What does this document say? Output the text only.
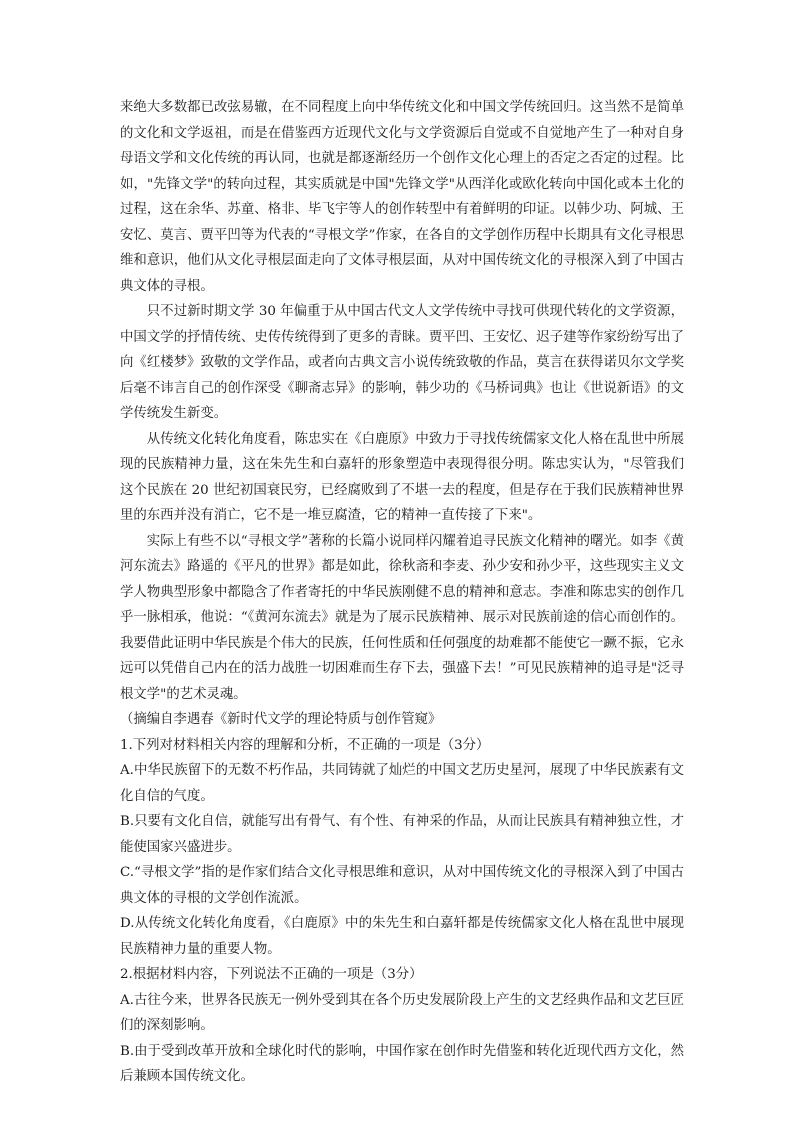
来绝大多数都已改弦易辙，在不同程度上向中华传统文化和中国文学传统回归。这当然不是简单的文化和文学返祖，而是在借鉴西方近现代文化与文学资源后自觉或不自觉地产生了一种对自身母语文学和文化传统的再认同，也就是都逐渐经历一个创作文化心理上的否定之否定的过程。比如，"先锋文学"的转向过程，其实质就是中国"先锋文学"从西洋化或欧化转向中国化或本土化的过程，这在余华、苏童、格非、毕飞宇等人的创作转型中有着鲜明的印证。以韩少功、阿城、王安忆、莫言、贾平凹等为代表的“寻根文学”作家，在各自的文学创作历程中长期具有文化寻根思维和意识，他们从文化寻根层面走向了文体寻根层面，从对中国传统文化的寻根深入到了中国古典文体的寻根。

只不过新时期文学 30 年偏重于从中国古代文人文学传统中寻找可供现代转化的文学资源，中国文学的抒情传统、史传传统得到了更多的青睐。贾平凹、王安忆、迟子建等作家纷纷写出了向《红楼梦》致敬的文学作品，或者向古典文言小说传统致敬的作品，莫言在获得诺贝尔文学奖后毫不讳言自己的创作深受《聊斋志异》的影响，韩少功的《马桥词典》也让《世说新语》的文学传统发生新变。

从传统文化转化角度看，陈忠实在《白鹿原》中致力于寻找传统儒家文化人格在乱世中所展现的民族精神力量，这在朱先生和白嘉轩的形象塑造中表现得很分明。陈忠实认为，"尽管我们这个民族在 20 世纪初国衰民穷，已经腐败到了不堪一去的程度，但是存在于我们民族精神世界里的东西并没有消亡，它不是一堆豆腐渣，它的精神一直传接了下来"。

实际上有些不以“寻根文学”著称的长篇小说同样闪耀着追寻民族文化精神的曙光。如李《黄河东流去》路遥的《平凡的世界》都是如此，徐秋斋和李麦、孙少安和孙少平，这些现实主义文学人物典型形象中都隐含了作者寄托的中华民族刚健不息的精神和意志。李准和陈忠实的创作几乎一脉相承，他说：“《黄河东流去》就是为了展示民族精神、展示对民族前途的信心而创作的。我要借此证明中华民族是个伟大的民族，任何性质和任何强度的劫难都不能使它一蹶不振，它永远可以凭借自己内在的活力战胜一切困难而生存下去，强盛下去！”可见民族精神的追寻是"泛寻根文学"的艺术灵魂。

（摘编自李遇春《新时代文学的理论特质与创作管窥》

1.下列对材料相关内容的理解和分析，不正确的一项是（3分）

A.中华民族留下的无数不朽作品，共同铸就了灿烂的中国文艺历史星河，展现了中华民族素有文化自信的气度。

B.只要有文化自信，就能写出有骨气、有个性、有神采的作品，从而让民族具有精神独立性，才能使国家兴盛进步。

C.“寻根文学”指的是作家们结合文化寻根思维和意识，从对中国传统文化的寻根深入到了中国古典文体的寻根的文学创作流派。

D.从传统文化转化角度看，《白鹿原》中的朱先生和白嘉轩都是传统儒家文化人格在乱世中展现民族精神力量的重要人物。

2.根据材料内容，下列说法不正确的一项是（3分）

A.古往今来，世界各民族无一例外受到其在各个历史发展阶段上产生的文艺经典作品和文艺巨匠们的深刻影响。

B.由于受到改革开放和全球化时代的影响，中国作家在创作时先借鉴和转化近现代西方文化，然后兼顾本国传统文化。
